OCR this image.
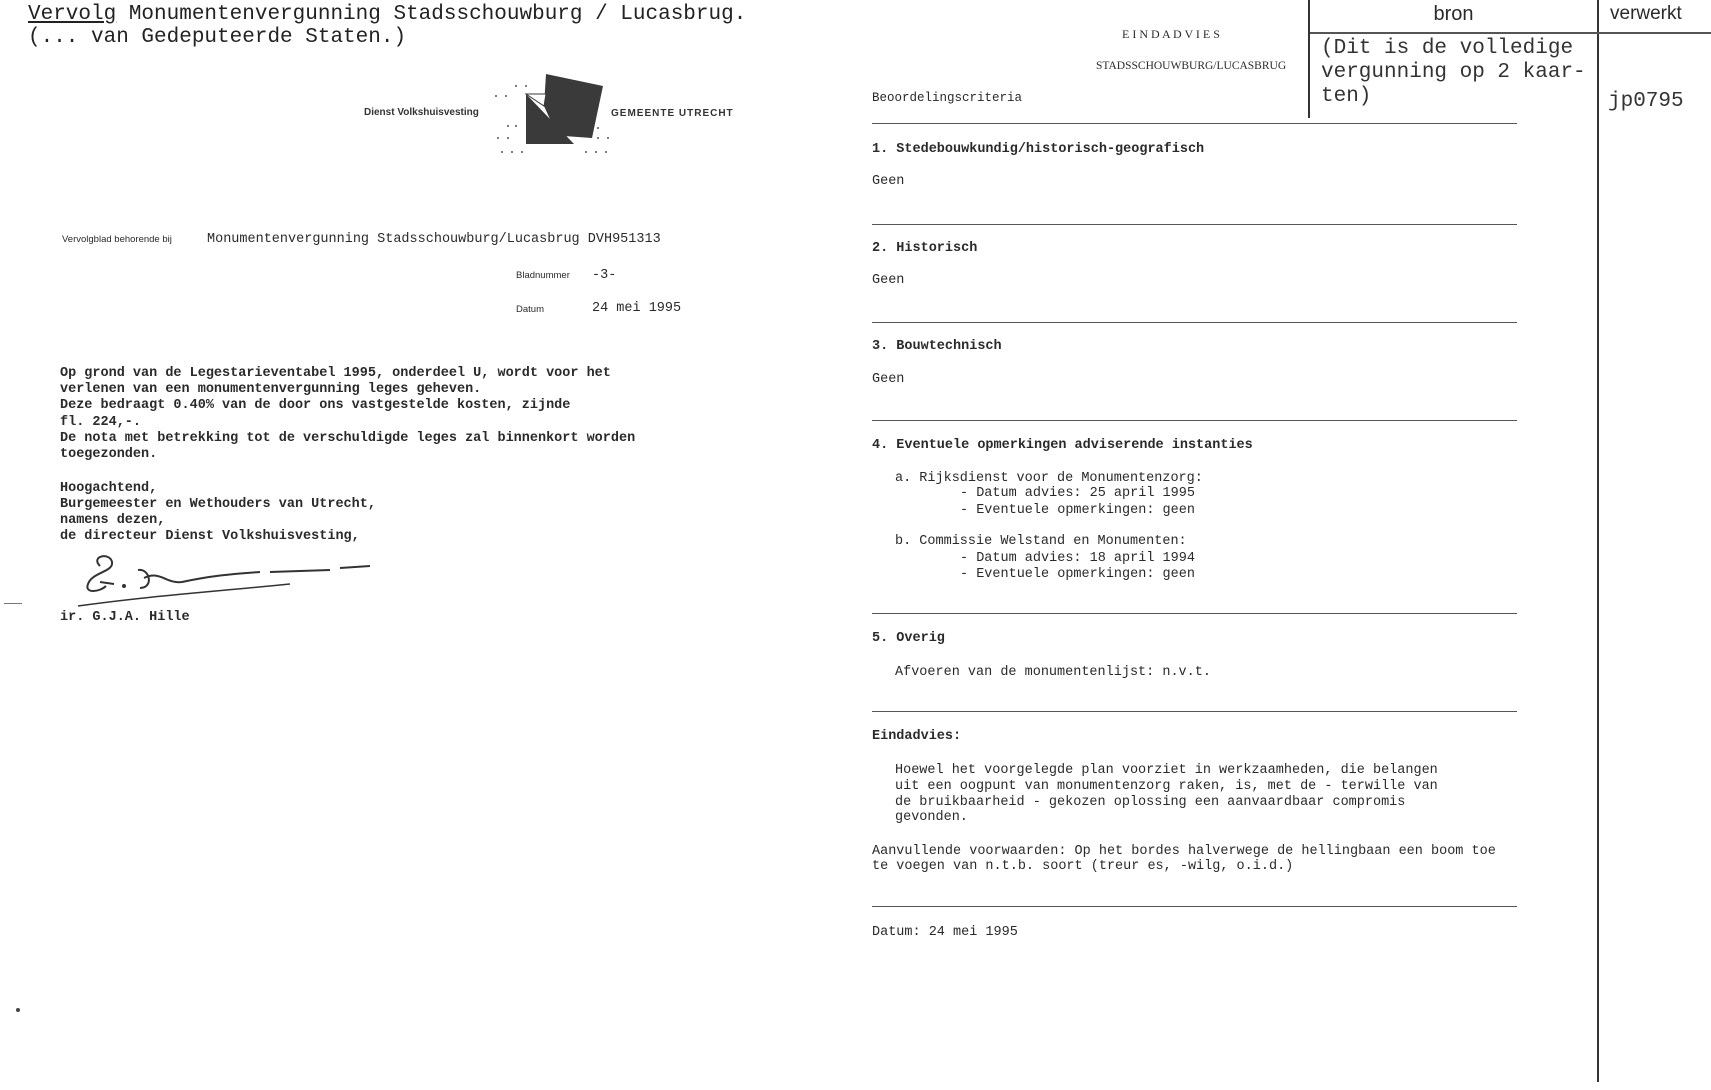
Vervolg Monumentenvergunning Stadsschouwburg / Lucasbrug.
(... van Gedeputeerde Staten.)
Dienst Volkshuisvesting	GEMEENTE UTRECHT
Vervolgblad behorende bij	Monumentenvergunning Stadsschouwburg/Lucasbrug DVH951313
Bladnummer -3-
Datum	24 mei 1995
Op grond van de Legestarieventabel 1995, onderdeel U, wordt voor het
verlenen van een monumentenvergunning leges geheven.
Deze bedraagt 0.40% van de door ons vastgestelde kosten, zijnde
fl. 224,-.
De nota met betrekking tot de verschuldigde leges zal binnenkort worden
toegezonden.
Hoogachtend,
Burgemeester en Wethouders van Utrecht,
namens dezen,
de directeur Dienst Volkshuisvesting,
ir. G.J.A. Hille
E I N D A D V I E S
STADSSCHOUWBURG/LUCASBRUG
Beoordelingscriteria
1. Stedebouwkundig/historisch-geografisch
Geen
2. Historisch
Geen
3. Bouwtechnisch
Geen
4. Eventuele opmerkingen adviserende instanties
a. Rijksdienst voor de Monumentenzorg:
- Datum advies: 25 april 1995
- Eventuele opmerkingen: geen
b. Commissie Welstand en Monumenten:
- Datum advies: 18 april 1994
- Eventuele opmerkingen: geen
5. Overig
Afvoeren van de monumentenlijst: n.v.t.
Eindadvies:
Hoewel het voorgelegde plan voorziet in werkzaamheden, die belangen
uit een oogpunt van monumentenzorg raken, is, met de - terwille van
de bruikbaarheid - gekozen oplossing een aanvaardbaar compromis
gevonden.
Aanvullende voorwaarden: Op het bordes halverwege de hellingbaan een boom toe
te voegen van n.t.b. soort (treur es, -wilg, o.i.d.)
Datum: 24 mei 1995
bron	verwerkt
(Dit is de volledige
vergunning op 2 kaar-
ten)	jp0795
